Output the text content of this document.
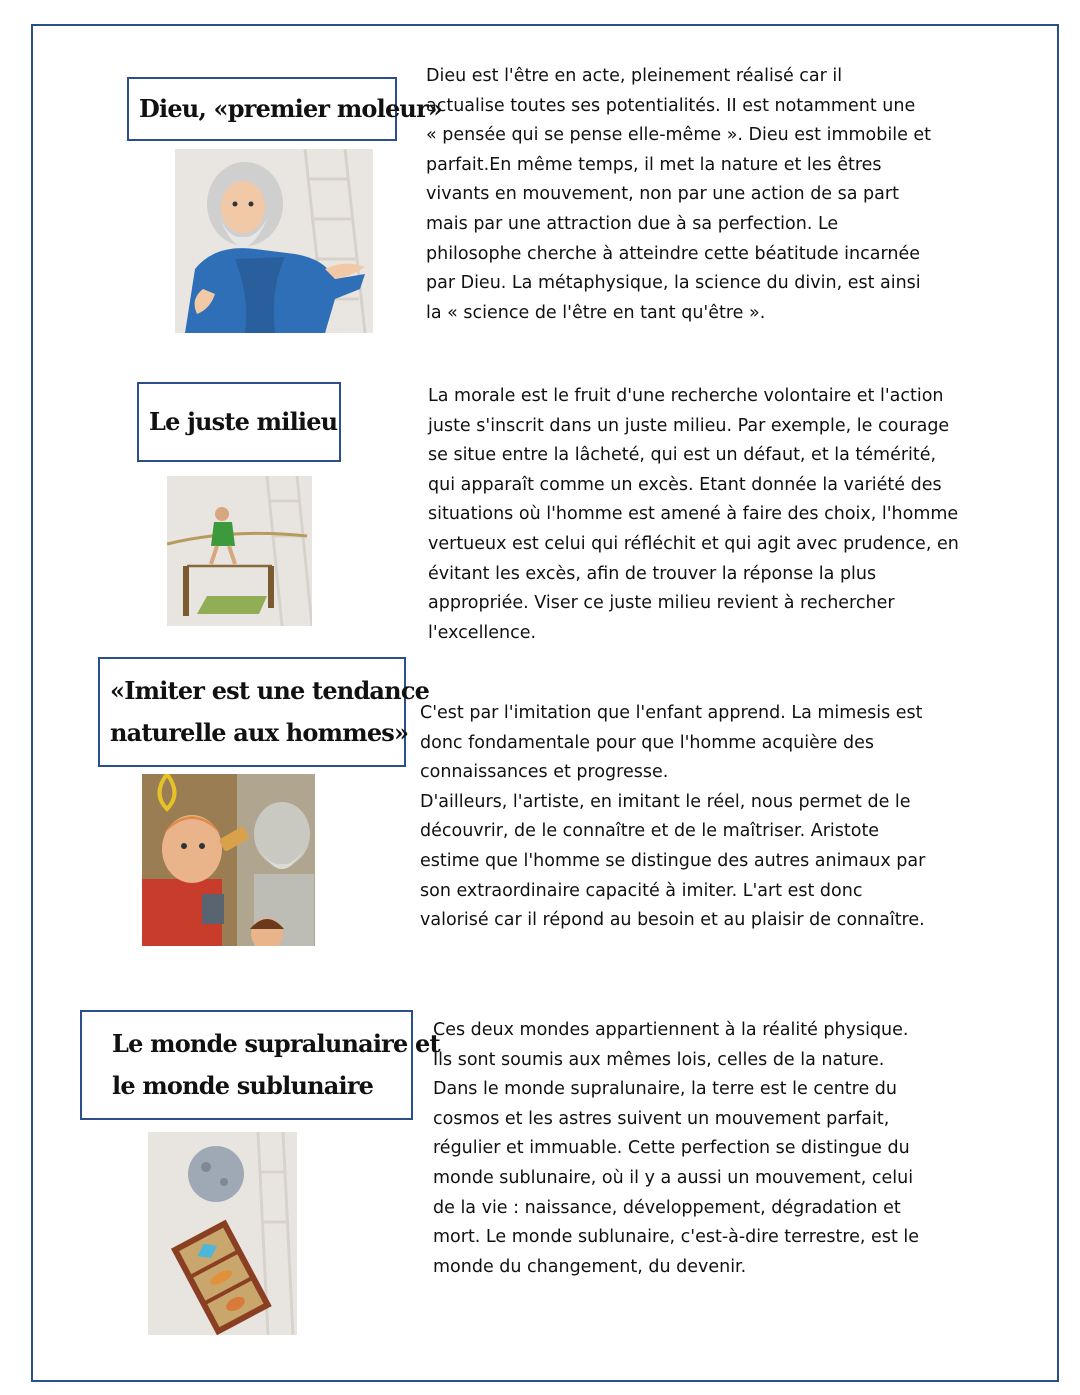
Dieu, «premier moleur»
Dieu est l'être en acte, pleinement réalisé car il
actualise toutes ses potentialités. II est notamment une
« pensée qui se pense elle-même ». Dieu est immobile et
parfait.En même temps, il met la nature et les êtres
vivants en mouvement, non par une action de sa part
mais par une attraction due à sa perfection. Le
philosophe cherche à atteindre cette béatitude incarnée
par Dieu. La métaphysique, la science du divin, est ainsi
la « science de l'être en tant qu'être ».
Le juste milieu
La morale est le fruit d'une recherche volontaire et l'action
juste s'inscrit dans un juste milieu. Par exemple, le courage
se situe entre la lâcheté, qui est un défaut, et la témérité,
qui apparaît comme un excès. Etant donnée la variété des
situations où l'homme est amené à faire des choix, l'homme
vertueux est celui qui réfléchit et qui agit avec prudence, en
évitant les excès, afin de trouver la réponse la plus
appropriée. Viser ce juste milieu revient à rechercher
l'excellence.
«Imiter est une tendance
naturelle aux hommes»
C'est par l'imitation que l'enfant apprend. La mimesis est
donc fondamentale pour que l'homme acquière des
connaissances et progresse.
D'ailleurs, l'artiste, en imitant le réel, nous permet de le
découvrir, de le connaître et de le maîtriser. Aristote
estime que l'homme se distingue des autres animaux par
son extraordinaire capacité à imiter. L'art est donc
valorisé car il répond au besoin et au plaisir de connaître.
Le monde supralunaire et
le monde sublunaire
Ces deux mondes appartiennent à la réalité physique.
Ils sont soumis aux mêmes lois, celles de la nature.
Dans le monde supralunaire, la terre est le centre du
cosmos et les astres suivent un mouvement parfait,
régulier et immuable. Cette perfection se distingue du
monde sublunaire, où il y a aussi un mouvement, celui
de la vie : naissance, développement, dégradation et
mort. Le monde sublunaire, c'est-à-dire terrestre, est le
monde du changement, du devenir.
